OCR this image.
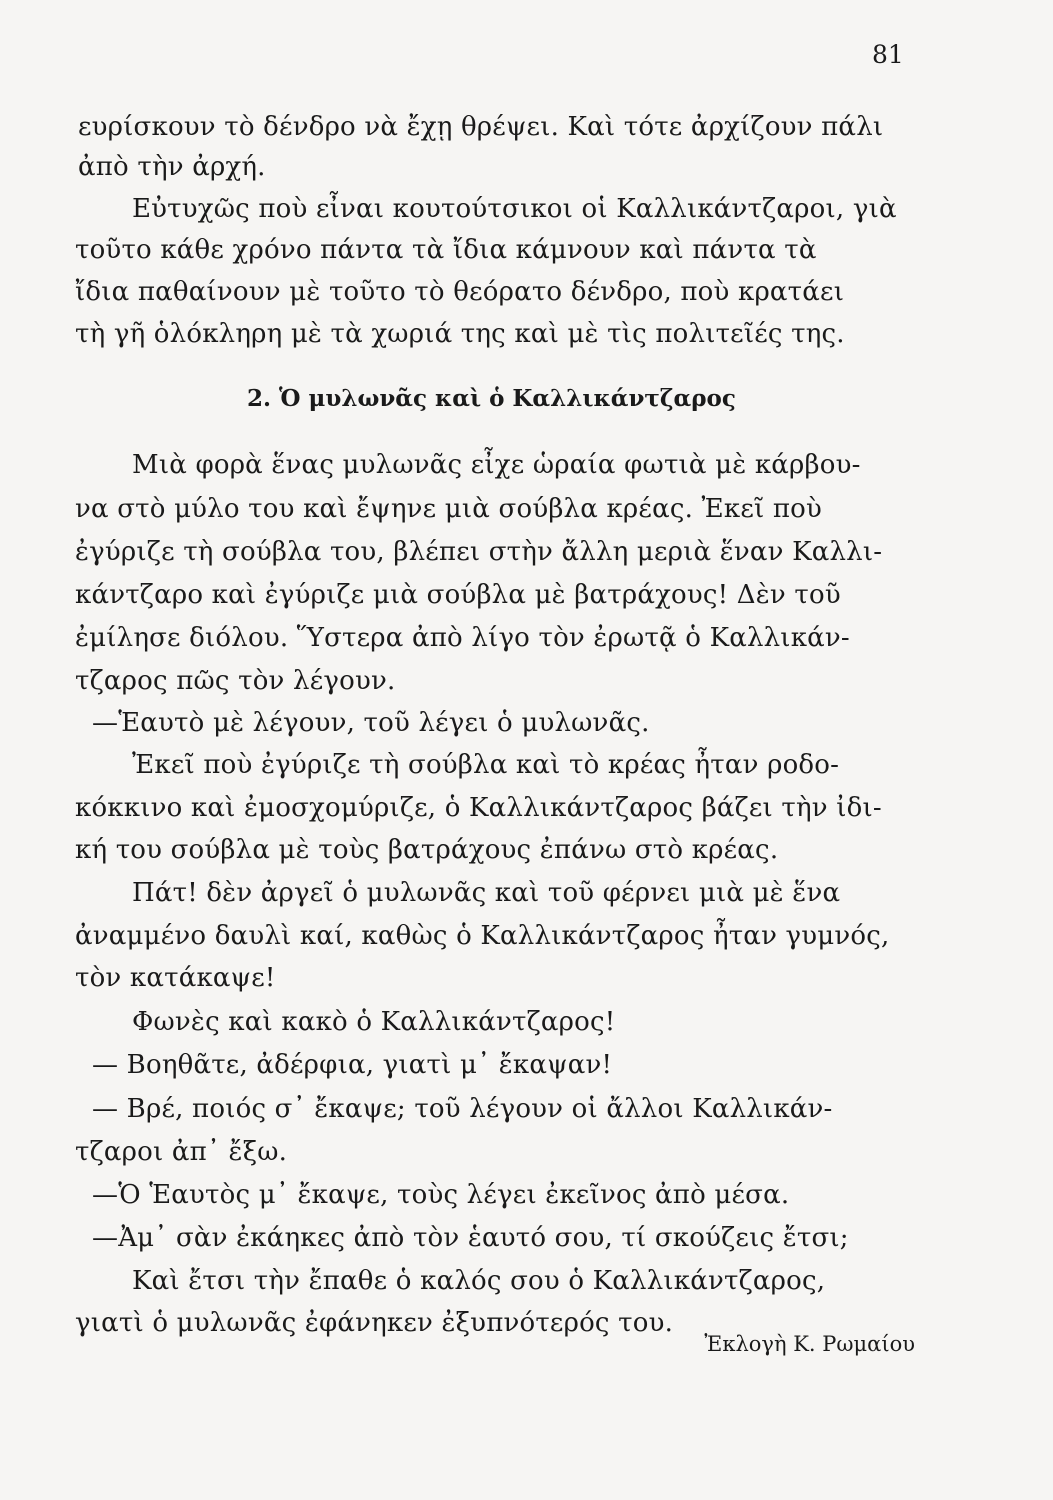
81
ευρίσκουν τὸ δένδρο νὰ ἔχῃ θρέψει. Καὶ τότε ἀρχίζουν πάλι
ἀπὸ τὴν ἀρχή.
Εὐτυχῶς ποὺ εἶναι κουτούτσικοι οἱ Καλλικάντζαροι, γιὰ
τοῦτο κάθε χρόνο πάντα τὰ ἴδια κάμνουν καὶ πάντα τὰ
ἴδια παθαίνουν μὲ τοῦτο τὸ θεόρατο δένδρο, ποὺ κρατάει
τὴ γῆ ὁλόκληρη μὲ τὰ χωριά της καὶ μὲ τὶς πολιτεῖές της.
2. Ὁ μυλωνᾶς καὶ ὁ Καλλικάντζαρος
Μιὰ φορὰ ἕνας μυλωνᾶς εἶχε ὡραία φωτιὰ μὲ κάρβου-
να στὸ μύλο του καὶ ἔψηνε μιὰ σούβλα κρέας. Ἐκεῖ ποὺ
ἐγύριζε τὴ σούβλα του, βλέπει στὴν ἄλλη μεριὰ ἕναν Καλλι-
κάντζαρο καὶ ἐγύριζε μιὰ σούβλα μὲ βατράχους! Δὲν τοῦ
ἐμίλησε διόλου. Ὕστερα ἀπὸ λίγο τὸν ἐρωτᾷ ὁ Καλλικάν-
τζαρος πῶς τὸν λέγουν.
—Ἑαυτὸ μὲ λέγουν, τοῦ λέγει ὁ μυλωνᾶς.
Ἐκεῖ ποὺ ἐγύριζε τὴ σούβλα καὶ τὸ κρέας ἦταν ροδο-
κόκκινο καὶ ἐμοσχομύριζε, ὁ Καλλικάντζαρος βάζει τὴν ἰδι-
κή του σούβλα μὲ τοὺς βατράχους ἐπάνω στὸ κρέας.
Πάτ! δὲν ἀργεῖ ὁ μυλωνᾶς καὶ τοῦ φέρνει μιὰ μὲ ἕνα
ἀναμμένο δαυλὶ καί, καθὼς ὁ Καλλικάντζαρος ἦταν γυμνός,
τὸν κατάκαψε!
Φωνὲς καὶ κακὸ ὁ Καλλικάντζαρος!
— Βοηθᾶτε, ἀδέρφια, γιατὶ μ᾽ ἔκαψαν!
— Βρέ, ποιός σ᾽ ἔκαψε; τοῦ λέγουν οἱ ἄλλοι Καλλικάν-
τζαροι ἀπ᾽ ἔξω.
—Ὁ Ἑαυτὸς μ᾽ ἔκαψε, τοὺς λέγει ἐκεῖνος ἀπὸ μέσα.
—Ἀμ᾽ σὰν ἐκάηκες ἀπὸ τὸν ἑαυτό σου, τί σκούζεις ἔτσι;
Καὶ ἔτσι τὴν ἔπαθε ὁ καλός σου ὁ Καλλικάντζαρος,
γιατὶ ὁ μυλωνᾶς ἐφάνηκεν ἐξυπνότερός του.
Ἐκλογὴ Κ. Ρωμαίου
